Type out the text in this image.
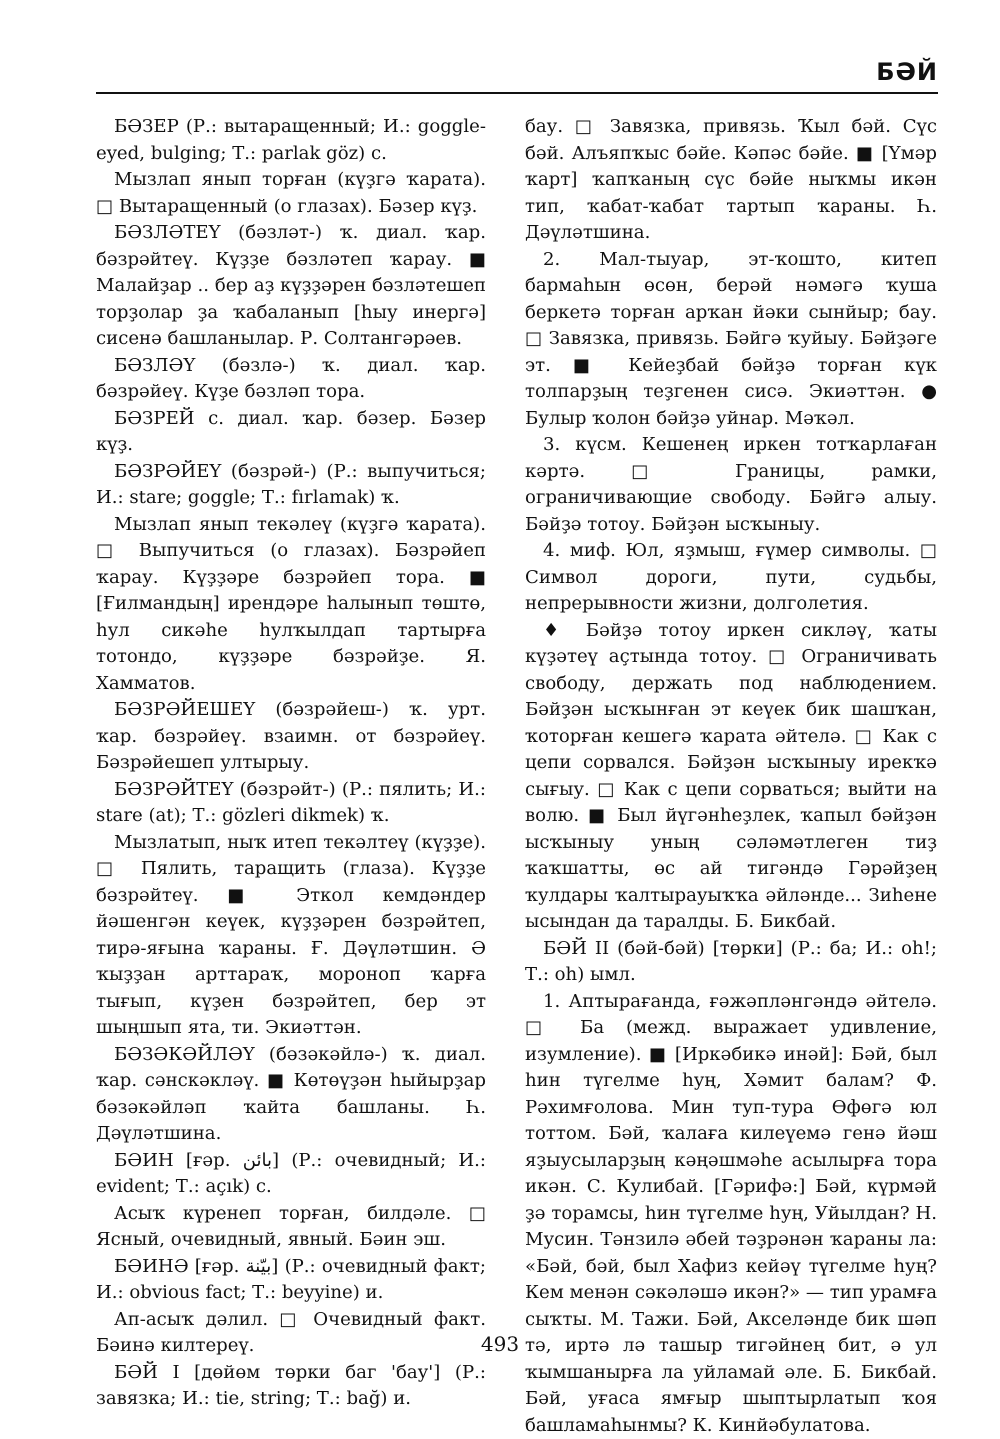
БӘЙ

БӘЗЕР (Р.: вытаращенный; И.: goggle-eyed, bulging; Т.: parlak göz) с.

Мызлап янып торған (күҙгә ҡарата). □ Вытаращенный (о глазах). Бәзер күҙ.

БӘЗЛӘТЕҮ (бәзләт-) ҡ. диал. ҡар. бәзрәйтеү. Күҙҙе бәзләтеп ҡарау. ■ Малайҙар .. бер аҙ күҙҙәрен бәзләтешеп торҙолар ҙа ҡабаланып [һыу инергә] сисенә башланылар. Р. Солтангәрәев.

БӘЗЛӘҮ (бәзлә-) ҡ. диал. ҡар. бәзрәйеү. Күҙе бәзләп тора.

БӘЗРЕЙ с. диал. ҡар. бәзер. Бәзер күҙ.

БӘЗРӘЙЕҮ (бәзрәй-) (Р.: выпучиться; И.: stare; goggle; Т.: fırlamak) ҡ.

Мызлап янып текәлеү (күҙгә ҡарата). □ Выпучиться (о глазах). Бәзрәйеп ҡарау. Күҙҙәре бәзрәйеп тора. ■ [Ғилмандың] ирендәре һалынып төштө, һул сикәһе һулҡылдап тартырға тотондо, күҙҙәре бәзрәйҙе. Я. Хамматов.

БӘЗРӘЙЕШЕҮ (бәзрәйеш-) ҡ. урт. ҡар. бәзрәйеү. взаимн. от бәзрәйеү. Бәзрәйешеп ултырыу.

БӘЗРӘЙТЕҮ (бәзрәйт-) (Р.: пялить; И.: stare (at); Т.: gözleri dikmek) ҡ.

Мызлатып, ныҡ итеп текәлтеү (күҙҙе). □ Пялить, таращить (глаза). Күҙҙе бәзрәйтеү. ■ Эткол кемдәндер йәшенгән кеүек, күҙҙәрен бәзрәйтеп, тирә-яғына ҡараны. Ғ. Дәүләтшин. Ә ҡыҙҙан арттараҡ, мороноп ҡарға тығып, күҙен бәзрәйтеп, бер эт шыңшып ята, ти. Экиәттән.

БӘЗӘКӘЙЛӘҮ (бәзәкәйлә-) ҡ. диал. ҡар. сәнскәкләү. ■ Көтөүҙән һыйырҙар бәзәкәйләп ҡайта башланы. Һ. Дәүләтшина.

БӘИН [ғәр. بائن] (Р.: очевидный; И.: evident; Т.: açık) с.

Асыҡ күренеп торған, билдәле. □ Ясный, очевидный, явный. Бәин эш.

БӘИНӘ [ғәр. بيّنة] (Р.: очевидный факт; И.: obvious fact; Т.: beyyine) и.

Ап-асыҡ дәлил. □ Очевидный факт. Бәинә килтереү.

БӘЙ I [дөйөм төрки баг 'бау'] (Р.: завязка; И.: tie, string; Т.: bağ) и.

бау. □ Завязка, привязь. Ҡыл бәй. Сүс бәй. Алъяпҡыс бәйе. Кәпәс бәйе. ■ [Үмәр ҡарт] ҡапҡаның сүс бәйе ныҡмы икән тип, ҡабат-ҡабат тартып ҡараны. Һ. Дәүләтшина.

2. Мал-тыуар, эт-ҡошто, китеп бармаһын өсөн, берәй нәмәгә ҡуша беркетә торған арҡан йәки сынйыр; бау. □ Завязка, привязь. Бәйгә ҡуйыу. Бәйҙәге эт. ■ Кейеҙбай бәйҙә торған күк толпарҙың теҙгенен сисә. Экиәттән. ● Булыр ҡолон бәйҙә уйнар. Мәҡәл.

3. күсм. Кешенең иркен тотҡарлаған кәртә. □ Границы, рамки, ограничивающие свободу. Бәйгә алыу. Бәйҙә тотоу. Бәйҙән ысҡыныу.

4. миф. Юл, яҙмыш, ғүмер символы. □ Символ дороги, пути, судьбы, непрерывности жизни, долголетия.

♦ Бәйҙә тотоу иркен сикләү, ҡаты күҙәтеү аҫтында тотоу. □ Ограничивать свободу, держать под наблюдением. Бәйҙән ысҡынған эт кеүек бик шашҡан, ҡоторған кешегә ҡарата әйтелә. □ Как с цепи сорвался. Бәйҙән ысҡыныу ирекҡә сығыу. □ Как с цепи сорваться; выйти на волю. ■ Был йүгәнһеҙлек, ҡапыл бәйҙән ысҡыныу уның сәләмәтлеген тиҙ ҡаҡшатты, өс ай тигәндә Гәрәйҙең ҡулдары ҡалтырауыҡҡа әйләнде... Зиһене ысындан да таралды. Б. Бикбай.

БӘЙ II (бәй-бәй) [төрки] (Р.: ба; И.: oh!; Т.: oh) ымл.

1. Аптырағанда, ғәжәпләнгәндә әйтелә. □ Ба (межд. выражает удивление, изумление). ■ [Иркәбикә инәй]: Бәй, был һин түгелме һуң, Хәмит балам? Ф. Рәхимғолова. Мин туп-тура Өфөгә юл тоттом. Бәй, ҡалаға килеүемә генә йәш яҙыусыларҙың кәңәшмәһе асылырға тора икән. С. Кулибай. [Гәрифә:] Бәй, күрмәй ҙә торамсы, һин түгелме һуң, Уйылдан? Н. Мусин. Тәнзилә әбей тәҙрәнән ҡараны ла: «Бәй, бәй, был Хафиз кейәү түгелме һуң? Кем менән сәкәләшә икән?» — тип урамға сыҡты. М. Тажи. Бәй, Акселәнде бик шәп тә, иртә лә ташыр тигәйнең бит, ә ул ҡымшанырға ла уйламай әле. Б. Бикбай. Бәй, уғаса ямғыр шыптырлатып ҡоя башламаһынмы? К. Кинйәбулатова.

493
